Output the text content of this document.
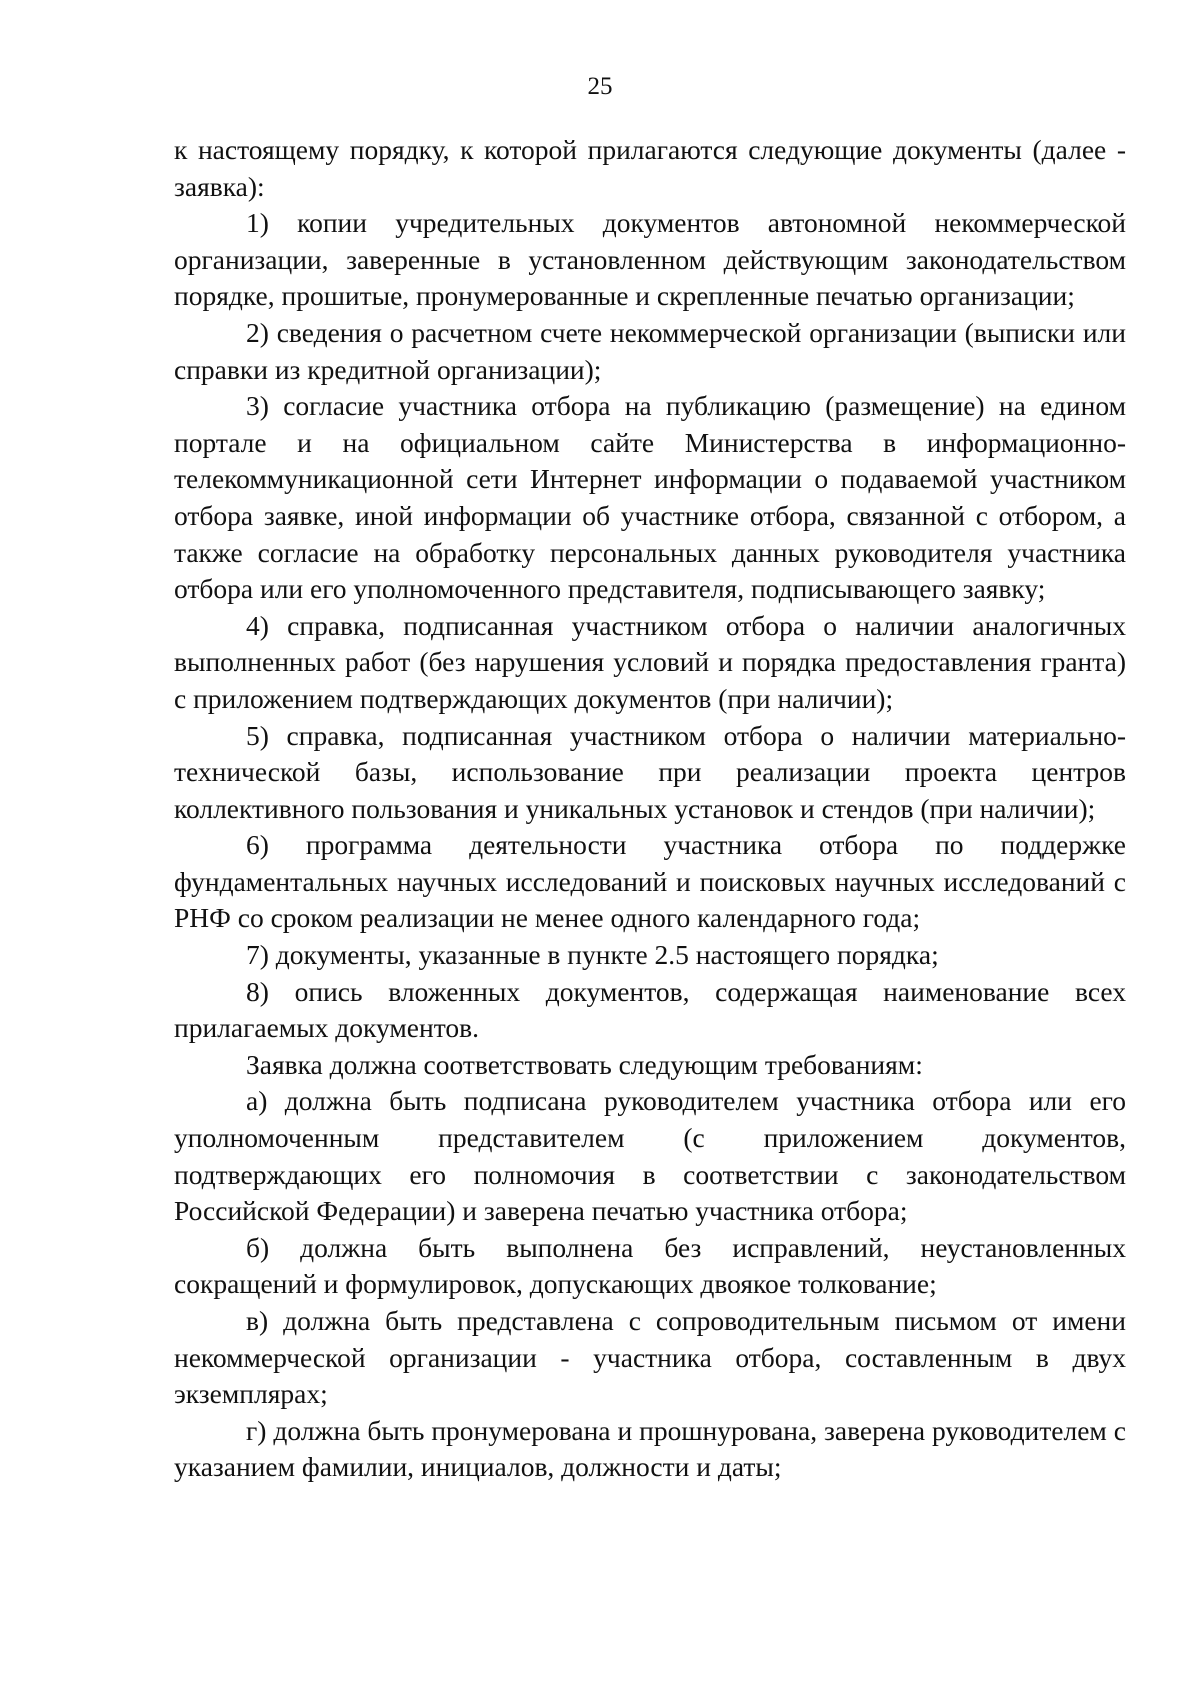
25

к настоящему порядку, к которой прилагаются следующие документы (далее - заявка):

1) копии учредительных документов автономной некоммерческой организации, заверенные в установленном действующим законодательством порядке, прошитые, пронумерованные и скрепленные печатью организации;

2) сведения о расчетном счете некоммерческой организации (выписки или справки из кредитной организации);

3) согласие участника отбора на публикацию (размещение) на едином портале и на официальном сайте Министерства в информационно-телекоммуникационной сети Интернет информации о подаваемой участником отбора заявке, иной информации об участнике отбора, связанной с отбором, а также согласие на обработку персональных данных руководителя участника отбора или его уполномоченного представителя, подписывающего заявку;

4) справка, подписанная участником отбора о наличии аналогичных выполненных работ (без нарушения условий и порядка предоставления гранта) с приложением подтверждающих документов (при наличии);

5) справка, подписанная участником отбора о наличии материально-технической базы, использование при реализации проекта центров коллективного пользования и уникальных установок и стендов (при наличии);

6) программа деятельности участника отбора по поддержке фундаментальных научных исследований и поисковых научных исследований с РНФ со сроком реализации не менее одного календарного года;

7) документы, указанные в пункте 2.5 настоящего порядка;

8) опись вложенных документов, содержащая наименование всех прилагаемых документов.

Заявка должна соответствовать следующим требованиям:

а) должна быть подписана руководителем участника отбора или его уполномоченным представителем (с приложением документов, подтверждающих его полномочия в соответствии с законодательством Российской Федерации) и заверена печатью участника отбора;

б) должна быть выполнена без исправлений, неустановленных сокращений и формулировок, допускающих двоякое толкование;

в) должна быть представлена с сопроводительным письмом от имени некоммерческой организации - участника отбора, составленным в двух экземплярах;

г) должна быть пронумерована и прошнурована, заверена руководителем с указанием фамилии, инициалов, должности и даты;
